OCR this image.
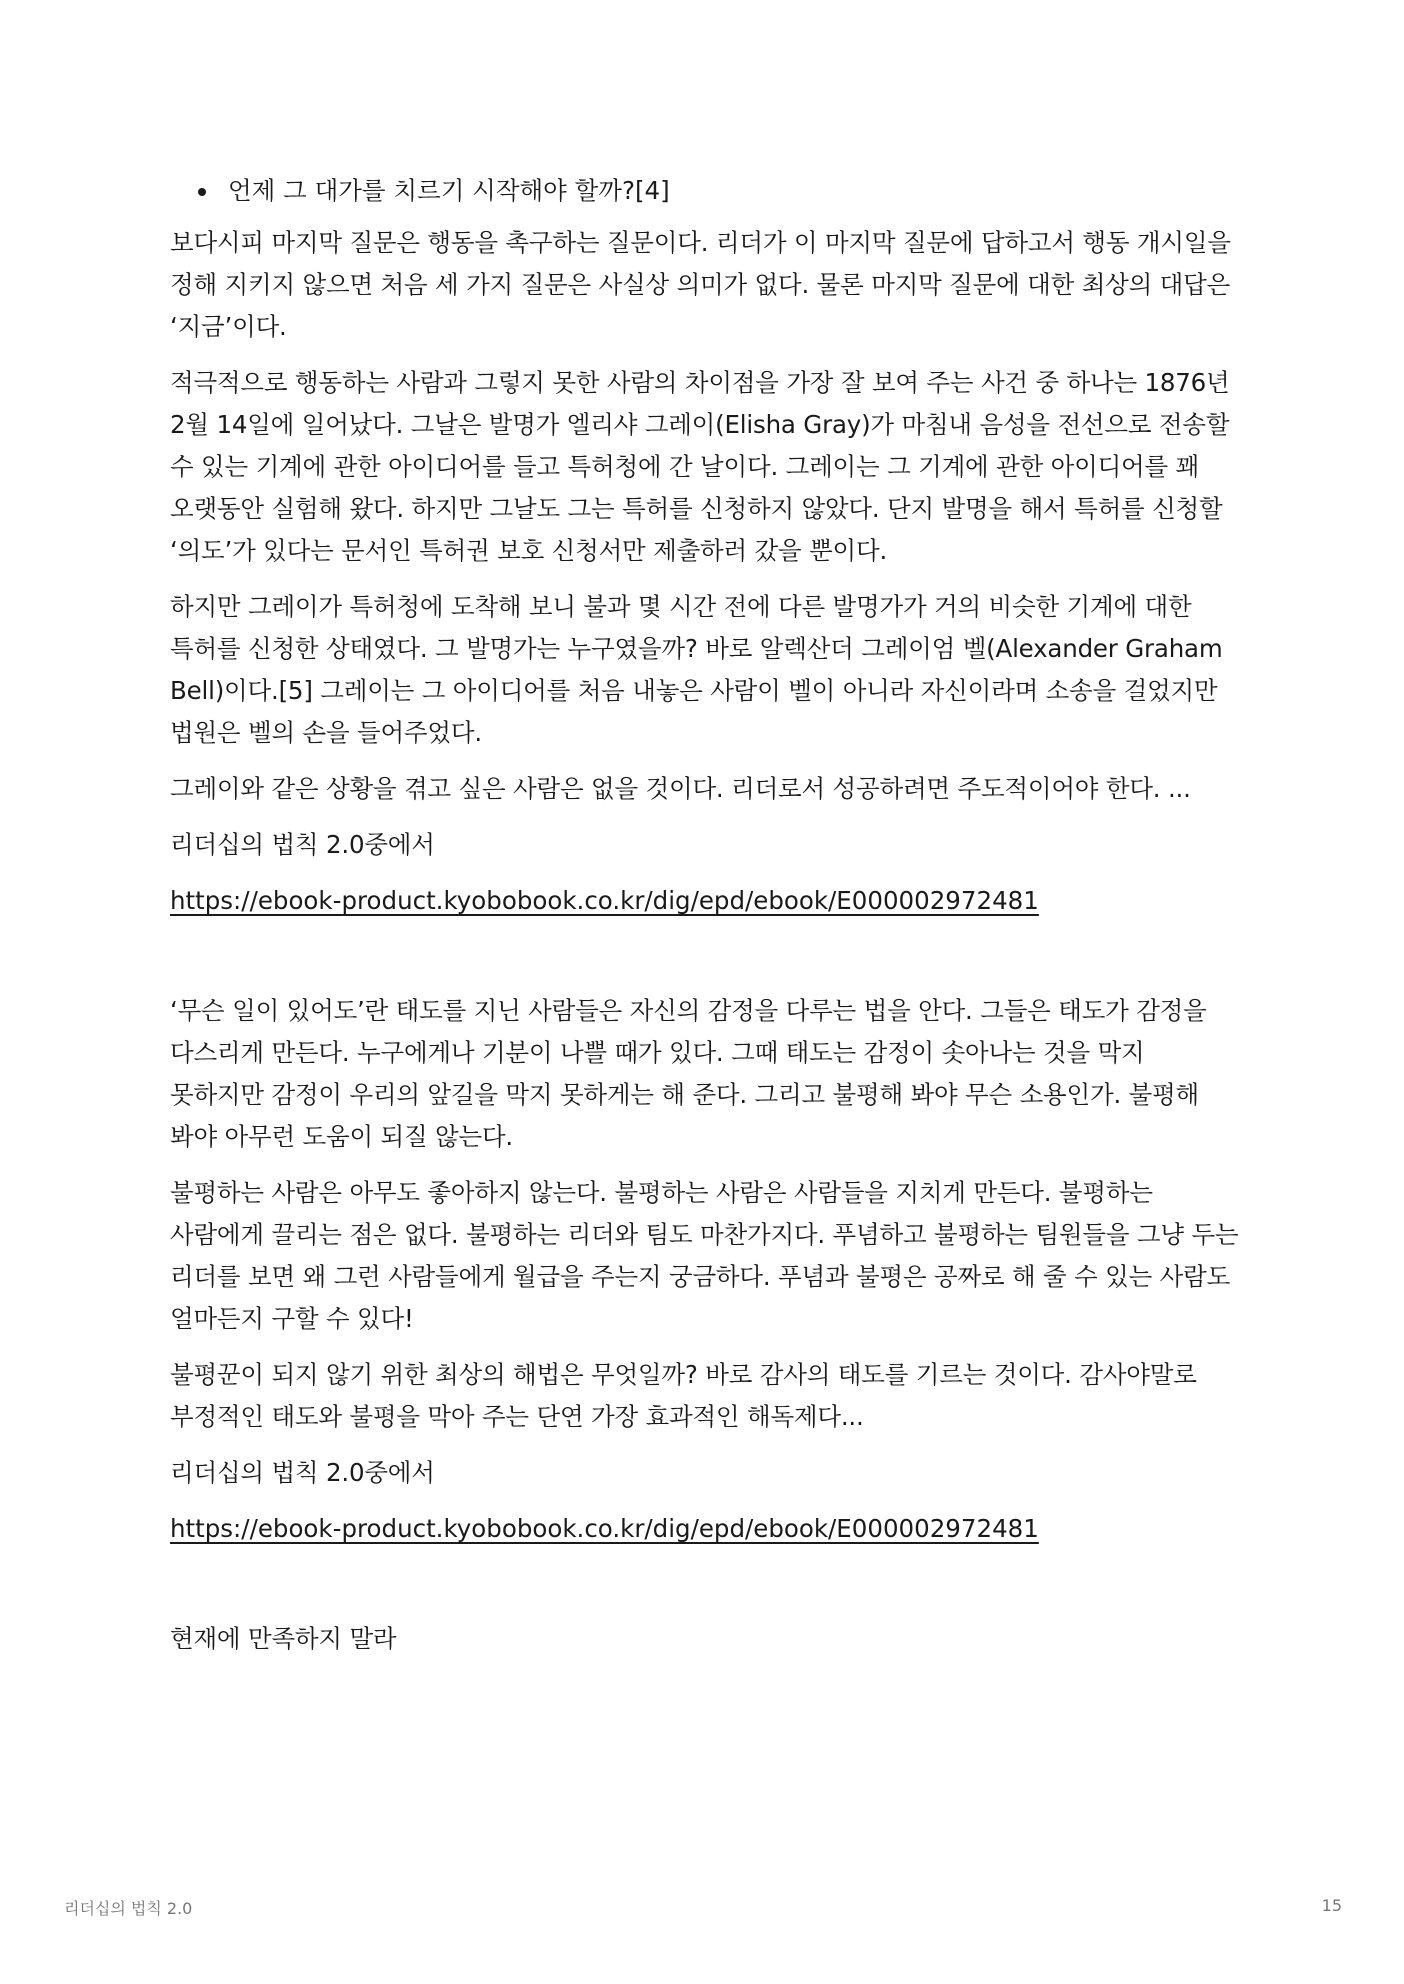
• 언제 그 대가를 치르기 시작해야 할까?[4]

보다시피 마지막 질문은 행동을 촉구하는 질문이다. 리더가 이 마지막 질문에 답하고서 행동 개시일을 정해 지키지 않으면 처음 세 가지 질문은 사실상 의미가 없다. 물론 마지막 질문에 대한 최상의 대답은 ‘지금’이다.

적극적으로 행동하는 사람과 그렇지 못한 사람의 차이점을 가장 잘 보여 주는 사건 중 하나는 1876년 2월 14일에 일어났다. 그날은 발명가 엘리샤 그레이(Elisha Gray)가 마침내 음성을 전선으로 전송할 수 있는 기계에 관한 아이디어를 들고 특허청에 간 날이다. 그레이는 그 기계에 관한 아이디어를 꽤 오랫동안 실험해 왔다. 하지만 그날도 그는 특허를 신청하지 않았다. 단지 발명을 해서 특허를 신청할 ‘의도’가 있다는 문서인 특허권 보호 신청서만 제출하러 갔을 뿐이다.

하지만 그레이가 특허청에 도착해 보니 불과 몇 시간 전에 다른 발명가가 거의 비슷한 기계에 대한 특허를 신청한 상태였다. 그 발명가는 누구였을까? 바로 알렉산더 그레이엄 벨(Alexander Graham Bell)이다.[5] 그레이는 그 아이디어를 처음 내놓은 사람이 벨이 아니라 자신이라며 소송을 걸었지만 법원은 벨의 손을 들어주었다.

그레이와 같은 상황을 겪고 싶은 사람은 없을 것이다. 리더로서 성공하려면 주도적이어야 한다. ...

리더십의 법칙 2.0중에서

https://ebook-product.kyobobook.co.kr/dig/epd/ebook/E000002972481

‘무슨 일이 있어도’란 태도를 지닌 사람들은 자신의 감정을 다루는 법을 안다. 그들은 태도가 감정을 다스리게 만든다. 누구에게나 기분이 나쁠 때가 있다. 그때 태도는 감정이 솟아나는 것을 막지 못하지만 감정이 우리의 앞길을 막지 못하게는 해 준다. 그리고 불평해 봐야 무슨 소용인가. 불평해 봐야 아무런 도움이 되질 않는다.

불평하는 사람은 아무도 좋아하지 않는다. 불평하는 사람은 사람들을 지치게 만든다. 불평하는 사람에게 끌리는 점은 없다. 불평하는 리더와 팀도 마찬가지다. 푸념하고 불평하는 팀원들을 그냥 두는 리더를 보면 왜 그런 사람들에게 월급을 주는지 궁금하다. 푸념과 불평은 공짜로 해 줄 수 있는 사람도 얼마든지 구할 수 있다!

불평꾼이 되지 않기 위한 최상의 해법은 무엇일까? 바로 감사의 태도를 기르는 것이다. 감사야말로 부정적인 태도와 불평을 막아 주는 단연 가장 효과적인 해독제다...

리더십의 법칙 2.0중에서

https://ebook-product.kyobobook.co.kr/dig/epd/ebook/E000002972481

현재에 만족하지 말라

리더십의 법칙 2.0	15
